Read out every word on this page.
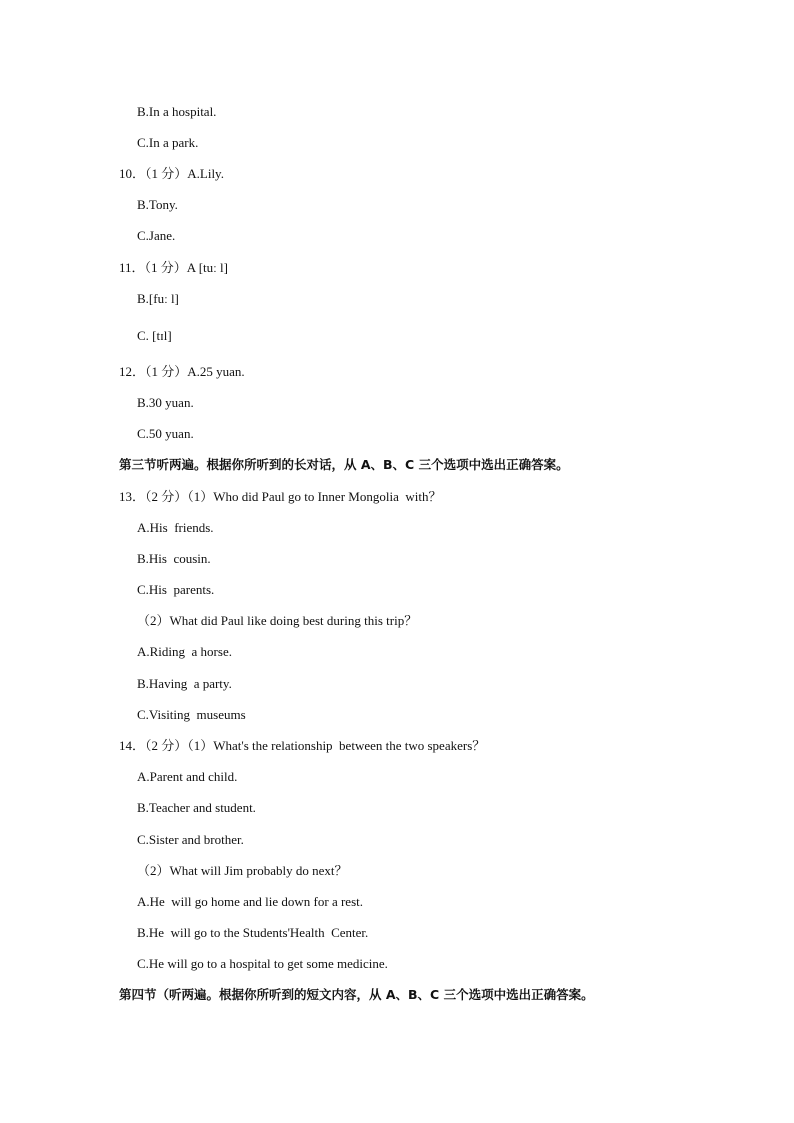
B.In a hospital.
C.In a park.
10．（1 分）A.Lily.
B.Tony.
C.Jane.
11．（1 分）A [tuː l]
B.[fuː l]
C. [tɪl]
12．（1 分）A.25 yuan.
B.30 yuan.
C.50 yuan.
第三节听两遍。根据你所听到的长对话，从 A、B、C 三个选项中选出正确答案。
13．（2 分）（1）Who did Paul go to Inner Mongolia  with？
A.His  friends.
B.His  cousin.
C.His  parents.
（2）What did Paul like doing best during this trip？
A.Riding  a horse.
B.Having  a party.
C.Visiting  museums
14．（2 分）（1）What's the relationship  between the two speakers？
A.Parent and child.
B.Teacher and student.
C.Sister and brother.
（2）What will Jim probably do next？
A.He  will go home and lie down for a rest.
B.He  will go to the Students'Health  Center.
C.He will go to a hospital to get some medicine.
第四节（听两遍。根据你所听到的短文内容，从 A、B、C 三个选项中选出正确答案。
